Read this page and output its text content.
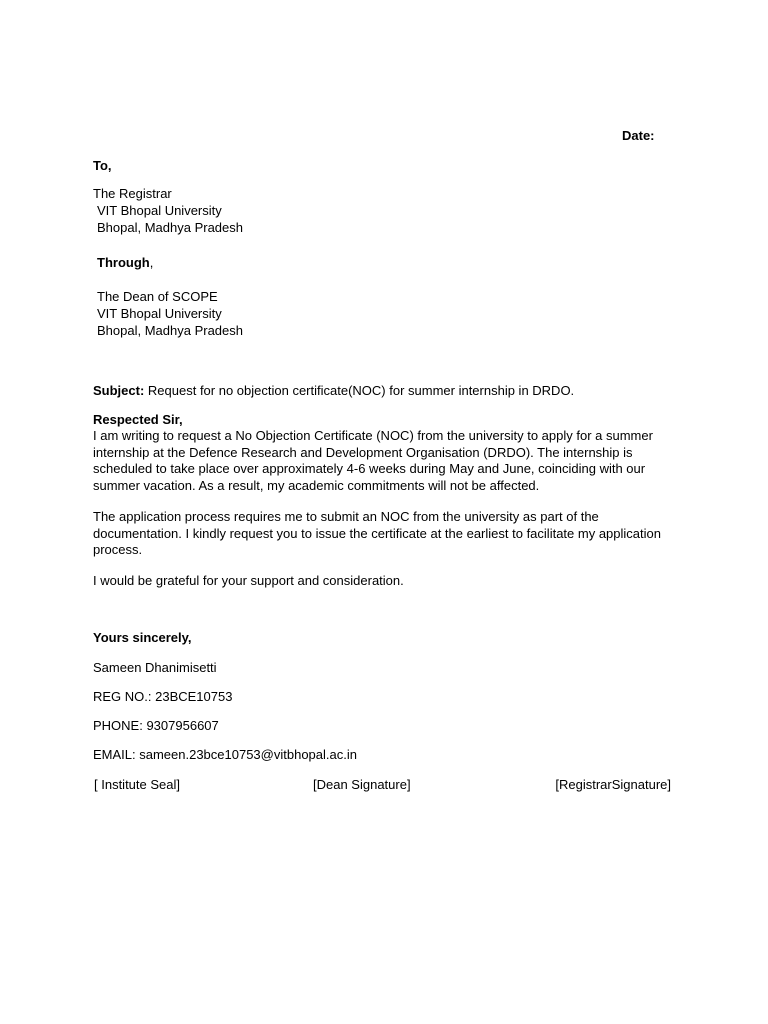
Date:
To,
The Registrar
VIT Bhopal University
Bhopal, Madhya Pradesh
Through,
The Dean of SCOPE
VIT Bhopal University
Bhopal, Madhya Pradesh
Subject: Request for no objection certificate(NOC) for summer internship in DRDO.
Respected Sir,
I am writing to request a No Objection Certificate (NOC) from the university to apply for a summer internship at the Defence Research and Development Organisation (DRDO). The internship is scheduled to take place over approximately 4-6 weeks during May and June, coinciding with our summer vacation. As a result, my academic commitments will not be affected.
The application process requires me to submit an NOC from the university as part of the documentation. I kindly request you to issue the certificate at the earliest to facilitate my application process.
I would be grateful for your support and consideration.
Yours sincerely,
Sameen Dhanimisetti
REG NO.: 23BCE10753
PHONE: 9307956607
EMAIL: sameen.23bce10753@vitbhopal.ac.in
[ Institute Seal]	[Dean Signature]	[RegistrarSignature]
